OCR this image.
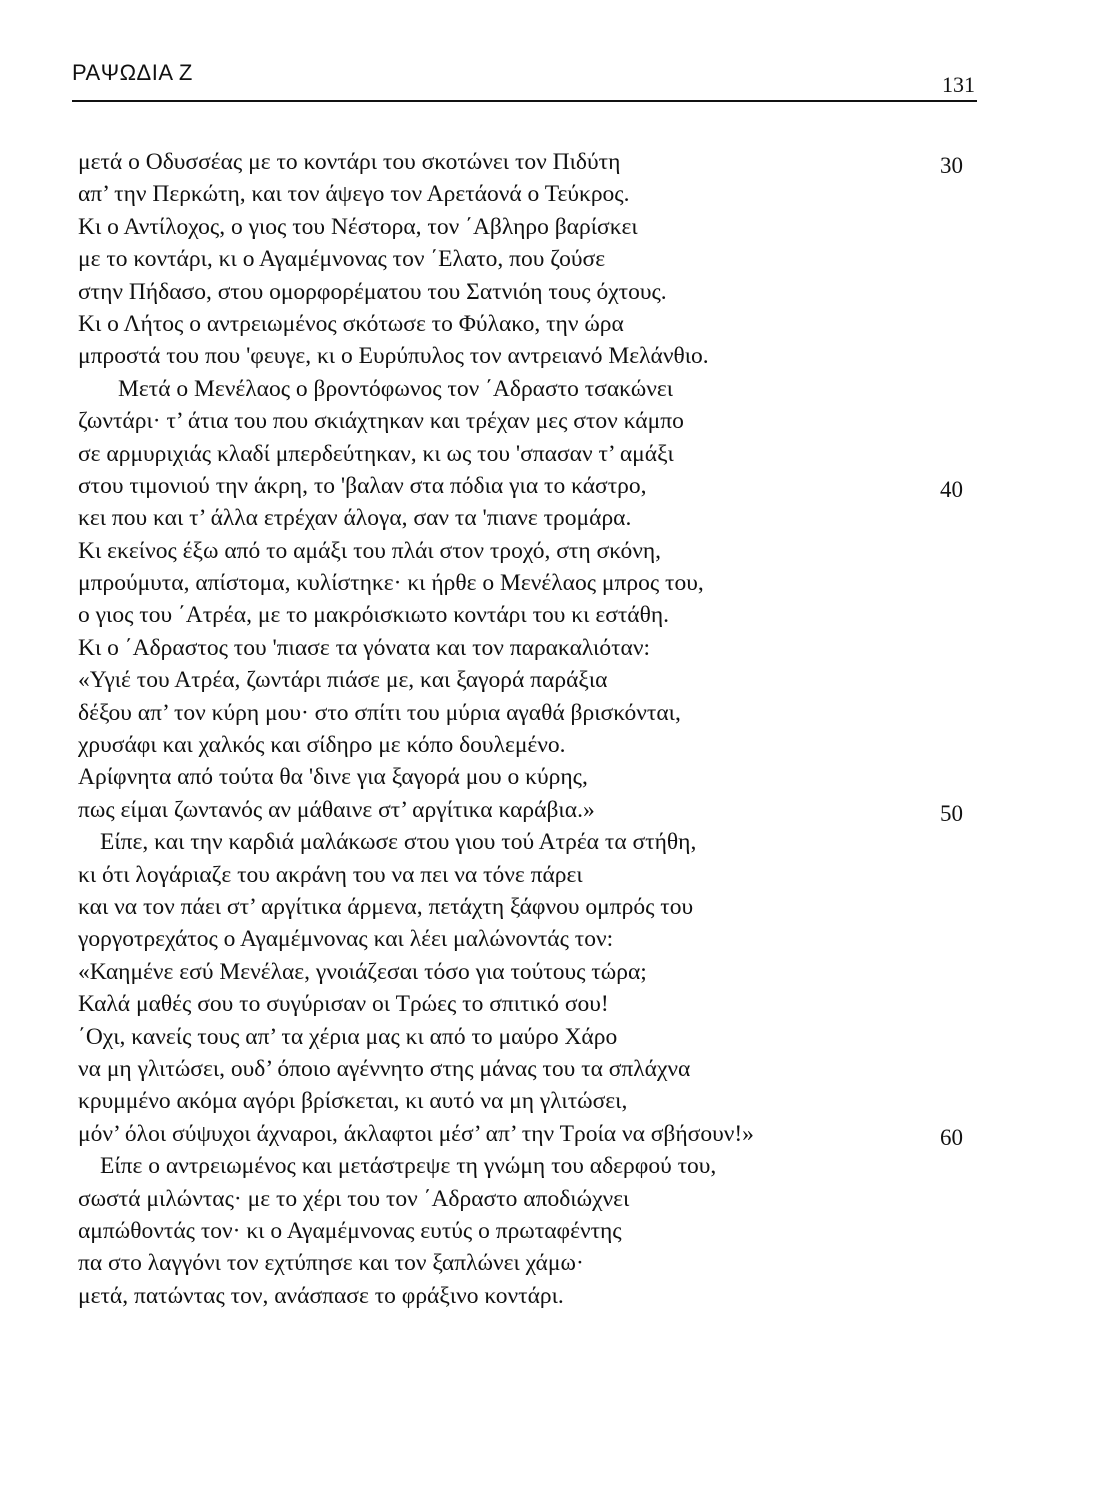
ΡΑΨΩΔΙΑ Ζ	131
μετά ο Οδυσσέας με το κοντάρι του σκοτώνει τον Πιδύτη	30
απ’ την Περκώτη, και τον άψεγο τον Αρετάονά ο Τεύκρος.
Κι ο Αντίλοχος, ο γιος του Νέστορα, τον ΄Αβληρο βαρίσκει
με το κοντάρι, κι ο Αγαμέμνονας τον ΄Ελατο, που ζούσε
στην Πήδασο, στου ομορφορέματου του Σατνιόη τους όχτους.
Κι ο Λήτος ο αντρειωμένος σκότωσε το Φύλακο, την ώρα
μπροστά του που 'φευγε, κι ο Ευρύπυλος τον αντρειανό Μελάνθιο.
Μετά ο Μενέλαος ο βροντόφωνος τον ΄Αδραστο τσακώνει
ζωντάρι· τ’ άτια του που σκιάχτηκαν και τρέχαν μες στον κάμπο
σε αρμυριχιάς κλαδί μπερδεύτηκαν, κι ως του 'σπασαν τ’ αμάξι
στου τιμονιού την άκρη, το 'βαλαν στα πόδια για το κάστρο,	40
κει που και τ’ άλλα ετρέχαν άλογα, σαν τα 'πιανε τρομάρα.
Κι εκείνος έξω από το αμάξι του πλάι στον τροχό, στη σκόνη,
μπρούμυτα, απίστομα, κυλίστηκε· κι ήρθε ο Μενέλαος μπρος του,
ο γιος του ΄Ατρέα, με το μακρόισκιωτο κοντάρι του κι εστάθη.
Κι ο ΄Αδραστος του 'πιασε τα γόνατα και τον παρακαλιόταν:
«Υγιέ του Ατρέα, ζωντάρι πιάσε με, και ξαγορά παράξια
δέξου απ’ τον κύρη μου· στο σπίτι του μύρια αγαθά βρισκόνται,
χρυσάφι και χαλκός και σίδηρο με κόπο δουλεμένο.
Αρίφνητα από τούτα θα 'δινε για ξαγορά μου ο κύρης,
πως είμαι ζωντανός αν μάθαινε στ’ αργίτικα καράβια.»	50
Είπε, και την καρδιά μαλάκωσε στου γιου τού Ατρέα τα στήθη,
κι ότι λογάριαζε του ακράνη του να πει να τόνε πάρει
και να τον πάει στ’ αργίτικα άρμενα, πετάχτη ξάφνου ομπρός του
γοργοτρεχάτος ο Αγαμέμνονας και λέει μαλώνοντάς τον:
«Καημένε εσύ Μενέλαε, γνοιάζεσαι τόσο για τούτους τώρα;
Καλά μαθές σου το συγύρισαν οι Τρώες το σπιτικό σου!
΄Οχι, κανείς τους απ’ τα χέρια μας κι από το μαύρο Χάρο
να μη γλιτώσει, ουδ’ όποιο αγέννητο στης μάνας του τα σπλάχνα
κρυμμένο ακόμα αγόρι βρίσκεται, κι αυτό να μη γλιτώσει,
μόν’ όλοι σύψυχοι άχναροι, άκλαφτοι μέσ’ απ’ την Τροία να σβήσουν!»	60
Είπε ο αντρειωμένος και μετάστρεψε τη γνώμη του αδερφού του,
σωστά μιλώντας· με το χέρι του τον ΄Αδραστο αποδιώχνει
αμπώθοντάς τον· κι ο Αγαμέμνονας ευτύς ο πρωταφέντης
πα στο λαγγόνι τον εχτύπησε και τον ξαπλώνει χάμω·
μετά, πατώντας τον, ανάσπασε το φράξινο κοντάρι.
